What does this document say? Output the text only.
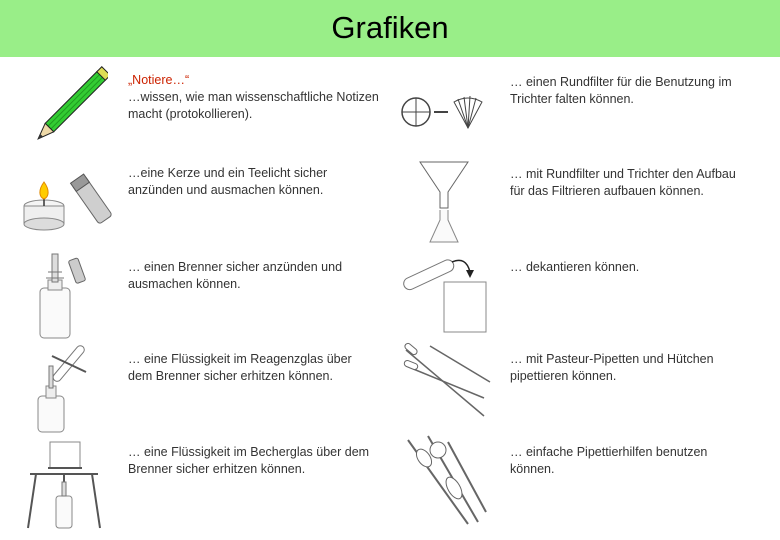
Grafiken
„Notiere…“
…wissen, wie man wissenschaftliche Notizen macht (protokollieren).
…eine Kerze und ein Teelicht sicher anzünden und ausmachen können.
… einen Brenner sicher anzünden und ausmachen können.
… eine Flüssigkeit im Reagenzglas über dem Brenner sicher erhitzen können.
… eine Flüssigkeit im Becherglas über dem Brenner sicher erhitzen können.
… einen Rundfilter für die Benutzung im Trichter falten können.
… mit Rundfilter und Trichter den Aufbau für das Filtrieren aufbauen können.
… dekantieren können.
… mit Pasteur-Pipetten und Hütchen pipettieren können.
… einfache Pipettierhilfen benutzen können.
